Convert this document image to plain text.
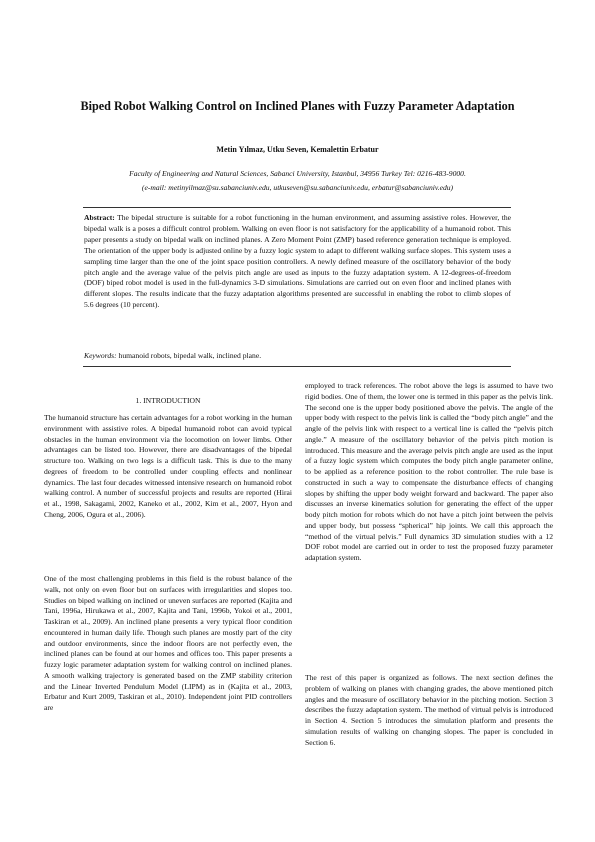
Biped Robot Walking Control on Inclined Planes with Fuzzy Parameter Adaptation
Metin Yılmaz, Utku Seven, Kemalettin Erbatur
Faculty of Engineering and Natural Sciences, Sabanci University, Istanbul, 34956 Turkey Tel: 0216-483-9000.
(e-mail: metinyilmaz@su.sabanciuniv.edu, utkuseven@su.sabanciuniv.edu, erbatur@sabanciuniv.edu)
Abstract: The bipedal structure is suitable for a robot functioning in the human environment, and assuming assistive roles. However, the bipedal walk is a poses a difficult control problem. Walking on even floor is not satisfactory for the applicability of a humanoid robot. This paper presents a study on bipedal walk on inclined planes. A Zero Moment Point (ZMP) based reference generation technique is employed. The orientation of the upper body is adjusted online by a fuzzy logic system to adapt to different walking surface slopes. This system uses a sampling time larger than the one of the joint space position controllers. A newly defined measure of the oscillatory behavior of the body pitch angle and the average value of the pelvis pitch angle are used as inputs to the fuzzy adaptation system. A 12-degrees-of-freedom (DOF) biped robot model is used in the full-dynamics 3-D simulations. Simulations are carried out on even floor and inclined planes with different slopes. The results indicate that the fuzzy adaptation algorithms presented are successful in enabling the robot to climb slopes of 5.6 degrees (10 percent).
Keywords: humanoid robots, bipedal walk, inclined plane.
1. INTRODUCTION

The humanoid structure has certain advantages for a robot working in the human environment with assistive roles. A bipedal humanoid robot can avoid typical obstacles in the human environment via the locomotion on lower limbs. Other advantages can be listed too. However, there are disadvantages of the bipedal structure too. Walking on two legs is a difficult task. This is due to the many degrees of freedom to be controlled under coupling effects and nonlinear dynamics. The last four decades witnessed intensive research on humanoid robot walking control. A number of successful projects and results are reported (Hirai et al., 1998, Sakagami, 2002, Kaneko et al., 2002, Kim et al., 2007, Hyon and Cheng, 2006, Ogura et al., 2006).

One of the most challenging problems in this field is the robust balance of the walk, not only on even floor but on surfaces with irregularities and slopes too. Studies on biped walking on inclined or uneven surfaces are reported (Kajita and Tani, 1996a, Hirukawa et al., 2007, Kajita and Tani, 1996b, Yokoi et al., 2001, Taskiran et al., 2009). An inclined plane presents a very typical floor condition encountered in human daily life. Though such planes are mostly part of the city and outdoor environments, since the indoor floors are not perfectly even, the inclined planes can be found at our homes and offices too. This paper presents a fuzzy logic parameter adaptation system for walking control on inclined planes. A smooth walking trajectory is generated based on the ZMP stability criterion and the Linear Inverted Pendulum Model (LIPM) as in (Kajita et al., 2003, Erbatur and Kurt 2009, Taskiran et al., 2010). Independent joint PID controllers are

employed to track references. The robot above the legs is assumed to have two rigid bodies. One of them, the lower one is termed in this paper as the pelvis link. The second one is the upper body positioned above the pelvis. The angle of the upper body with respect to the pelvis link is called the “body pitch angle” and the angle of the pelvis link with respect to a vertical line is called the “pelvis pitch angle.” A measure of the oscillatory behavior of the pelvis pitch motion is introduced. This measure and the average pelvis pitch angle are used as the input of a fuzzy logic system which computes the body pitch angle parameter online, to be applied as a reference position to the robot controller. The rule base is constructed in such a way to compensate the disturbance effects of changing slopes by shifting the upper body weight forward and backward. The paper also discusses an inverse kinematics solution for generating the effect of the upper body pitch motion for robots which do not have a pitch joint between the pelvis and upper body, but possess “spherical” hip joints. We call this approach the “method of the virtual pelvis.” Full dynamics 3D simulation studies with a 12 DOF robot model are carried out in order to test the proposed fuzzy parameter adaptation system.

The rest of this paper is organized as follows. The next section defines the problem of walking on planes with changing grades, the above mentioned pitch angles and the measure of oscillatory behavior in the pitching motion. Section 3 describes the fuzzy adaptation system. The method of virtual pelvis is introduced in Section 4. Section 5 introduces the simulation platform and presents the simulation results of walking on changing slopes. The paper is concluded in Section 6.
